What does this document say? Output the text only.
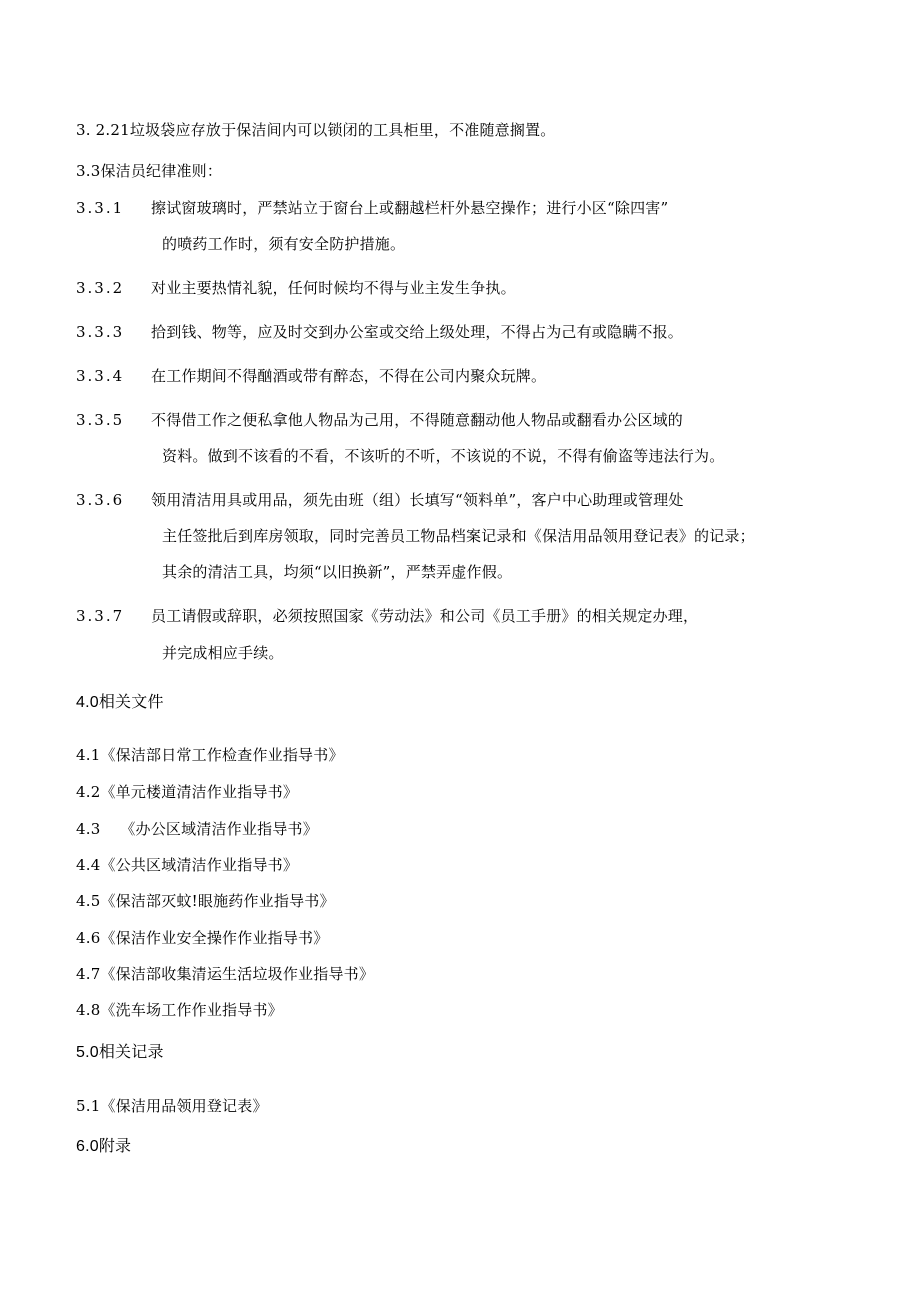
3. 2.21垃圾袋应存放于保洁间内可以锁闭的工具柜里，不准随意搁置。
3.3保洁员纪律准则：
3.3.1 擦试窗玻璃时，严禁站立于窗台上或翻越栏杆外悬空操作；进行小区“除四害”
的喷药工作时，须有安全防护措施。
3.3.2 对业主要热情礼貌，任何时候均不得与业主发生争执。
3.3.3 拾到钱、物等，应及时交到办公室或交给上级处理，不得占为己有或隐瞒不报。
3.3.4 在工作期间不得酗酒或带有醉态，不得在公司内聚众玩牌。
3.3.5 不得借工作之便私拿他人物品为己用，不得随意翻动他人物品或翻看办公区域的
资料。做到不该看的不看，不该听的不听，不该说的不说，不得有偷盗等违法行为。
3.3.6 领用清洁用具或用品，须先由班（组）长填写“领料单”，客户中心助理或管理处
主任签批后到库房领取，同时完善员工物品档案记录和《保洁用品领用登记表》的记录；
其余的清洁工具，均须“以旧换新”，严禁弄虚作假。
3.3.7 员工请假或辞职，必须按照国家《劳动法》和公司《员工手册》的相关规定办理，
并完成相应手续。
4.0相关文件
4.1《保洁部日常工作检查作业指导书》
4.2《单元楼道清洁作业指导书》
4.3    《办公区域清洁作业指导书》
4.4《公共区域清洁作业指导书》
4.5《保洁部灭蚊!眼施药作业指导书》
4.6《保洁作业安全操作作业指导书》
4.7《保洁部收集清运生活垃圾作业指导书》
4.8《洗车场工作作业指导书》
5.0相关记录
5.1《保洁用品领用登记表》
6.0附录
